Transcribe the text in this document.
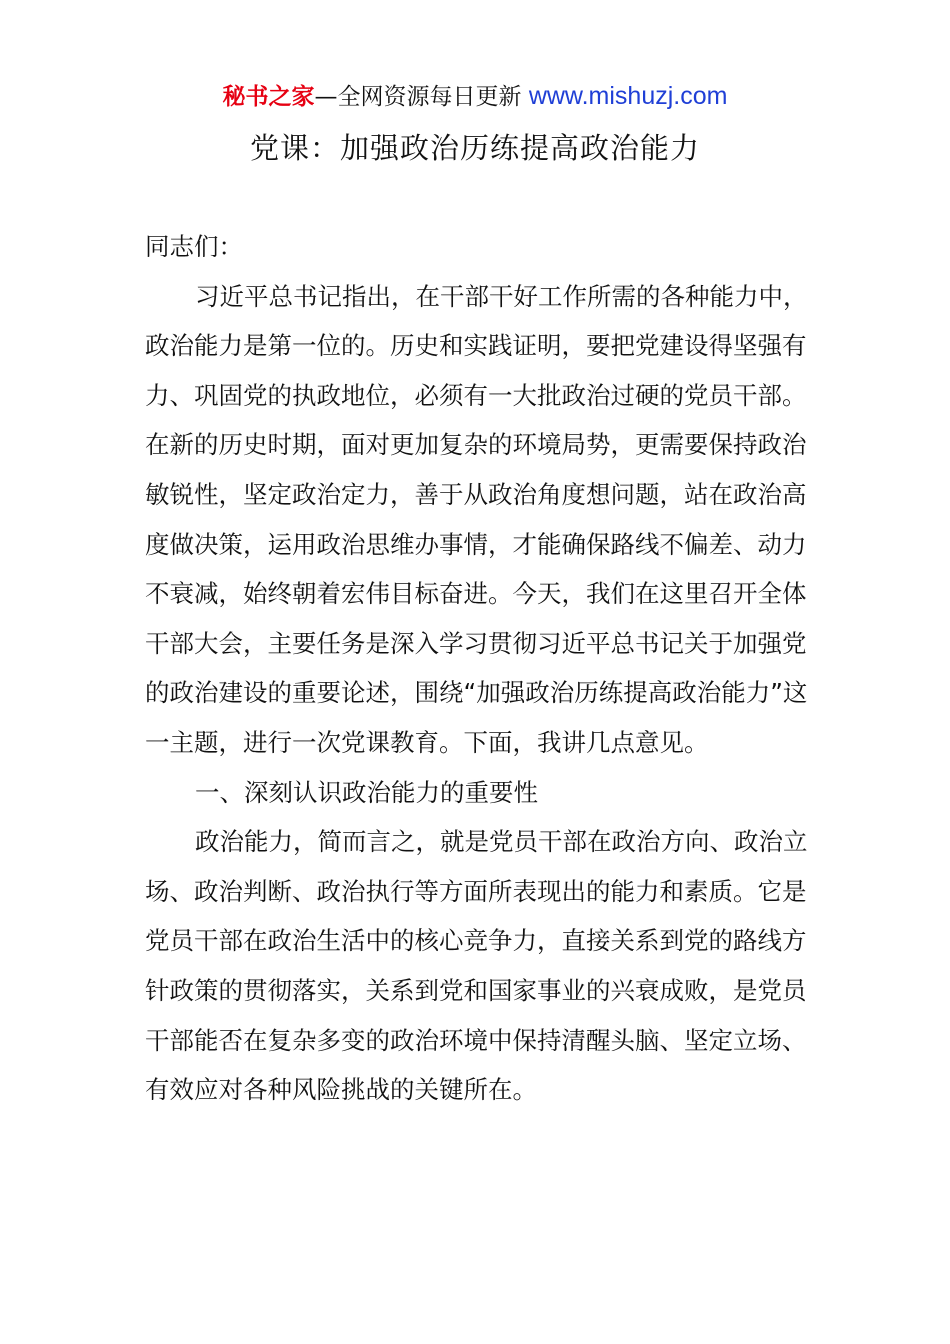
秘书之家—全网资源每日更新 www.mishuzj.com
党课：加强政治历练提高政治能力

同志们：

习近平总书记指出，在干部干好工作所需的各种能力中，政治能力是第一位的。历史和实践证明，要把党建设得坚强有力、巩固党的执政地位，必须有一大批政治过硬的党员干部。在新的历史时期，面对更加复杂的环境局势，更需要保持政治敏锐性，坚定政治定力，善于从政治角度想问题，站在政治高度做决策，运用政治思维办事情，才能确保路线不偏差、动力不衰减，始终朝着宏伟目标奋进。今天，我们在这里召开全体干部大会，主要任务是深入学习贯彻习近平总书记关于加强党的政治建设的重要论述，围绕“加强政治历练提高政治能力”这一主题，进行一次党课教育。下面，我讲几点意见。

一、深刻认识政治能力的重要性

政治能力，简而言之，就是党员干部在政治方向、政治立场、政治判断、政治执行等方面所表现出的能力和素质。它是党员干部在政治生活中的核心竞争力，直接关系到党的路线方针政策的贯彻落实，关系到党和国家事业的兴衰成败，是党员干部能否在复杂多变的政治环境中保持清醒头脑、坚定立场、有效应对各种风险挑战的关键所在。
